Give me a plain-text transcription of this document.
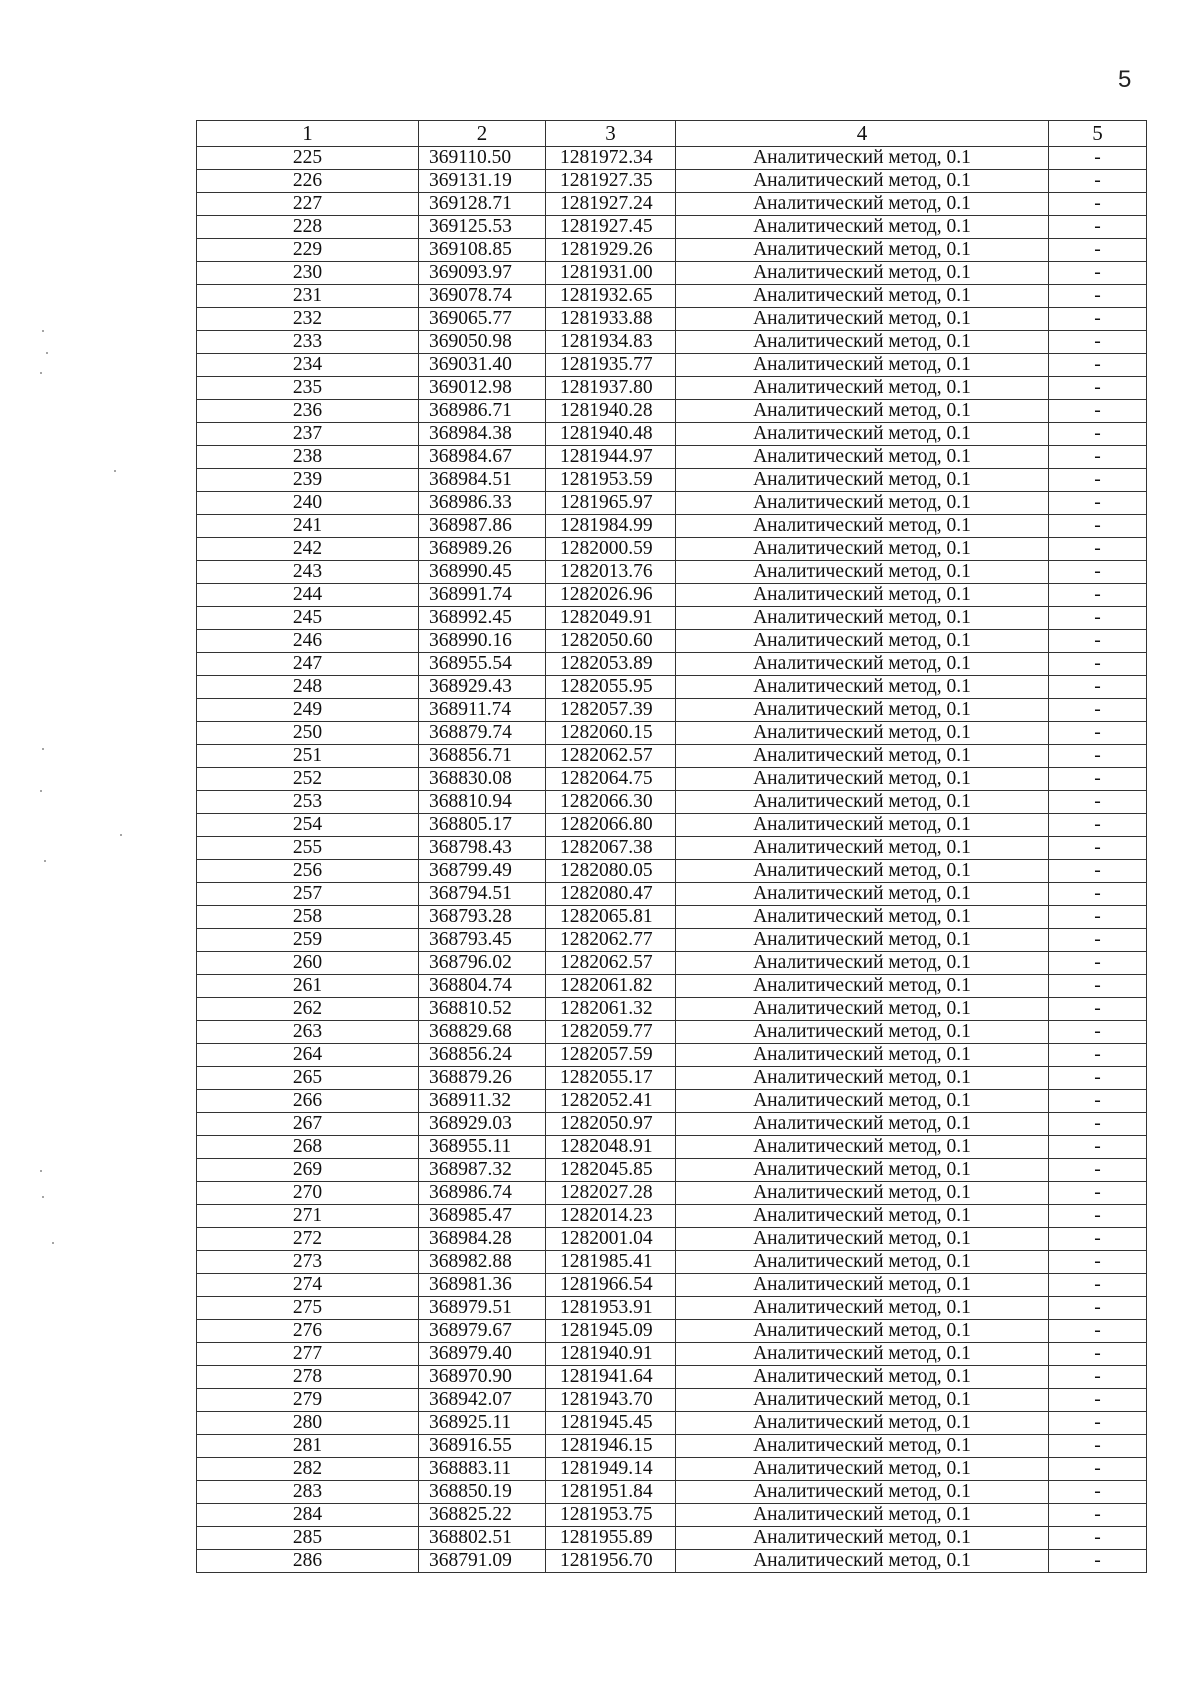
5
1	2	3	4	5
225	369110.50	1281972.34	Аналитический метод, 0.1	-
226	369131.19	1281927.35	Аналитический метод, 0.1	-
227	369128.71	1281927.24	Аналитический метод, 0.1	-
228	369125.53	1281927.45	Аналитический метод, 0.1	-
229	369108.85	1281929.26	Аналитический метод, 0.1	-
230	369093.97	1281931.00	Аналитический метод, 0.1	-
231	369078.74	1281932.65	Аналитический метод, 0.1	-
232	369065.77	1281933.88	Аналитический метод, 0.1	-
233	369050.98	1281934.83	Аналитический метод, 0.1	-
234	369031.40	1281935.77	Аналитический метод, 0.1	-
235	369012.98	1281937.80	Аналитический метод, 0.1	-
236	368986.71	1281940.28	Аналитический метод, 0.1	-
237	368984.38	1281940.48	Аналитический метод, 0.1	-
238	368984.67	1281944.97	Аналитический метод, 0.1	-
239	368984.51	1281953.59	Аналитический метод, 0.1	-
240	368986.33	1281965.97	Аналитический метод, 0.1	-
241	368987.86	1281984.99	Аналитический метод, 0.1	-
242	368989.26	1282000.59	Аналитический метод, 0.1	-
243	368990.45	1282013.76	Аналитический метод, 0.1	-
244	368991.74	1282026.96	Аналитический метод, 0.1	-
245	368992.45	1282049.91	Аналитический метод, 0.1	-
246	368990.16	1282050.60	Аналитический метод, 0.1	-
247	368955.54	1282053.89	Аналитический метод, 0.1	-
248	368929.43	1282055.95	Аналитический метод, 0.1	-
249	368911.74	1282057.39	Аналитический метод, 0.1	-
250	368879.74	1282060.15	Аналитический метод, 0.1	-
251	368856.71	1282062.57	Аналитический метод, 0.1	-
252	368830.08	1282064.75	Аналитический метод, 0.1	-
253	368810.94	1282066.30	Аналитический метод, 0.1	-
254	368805.17	1282066.80	Аналитический метод, 0.1	-
255	368798.43	1282067.38	Аналитический метод, 0.1	-
256	368799.49	1282080.05	Аналитический метод, 0.1	-
257	368794.51	1282080.47	Аналитический метод, 0.1	-
258	368793.28	1282065.81	Аналитический метод, 0.1	-
259	368793.45	1282062.77	Аналитический метод, 0.1	-
260	368796.02	1282062.57	Аналитический метод, 0.1	-
261	368804.74	1282061.82	Аналитический метод, 0.1	-
262	368810.52	1282061.32	Аналитический метод, 0.1	-
263	368829.68	1282059.77	Аналитический метод, 0.1	-
264	368856.24	1282057.59	Аналитический метод, 0.1	-
265	368879.26	1282055.17	Аналитический метод, 0.1	-
266	368911.32	1282052.41	Аналитический метод, 0.1	-
267	368929.03	1282050.97	Аналитический метод, 0.1	-
268	368955.11	1282048.91	Аналитический метод, 0.1	-
269	368987.32	1282045.85	Аналитический метод, 0.1	-
270	368986.74	1282027.28	Аналитический метод, 0.1	-
271	368985.47	1282014.23	Аналитический метод, 0.1	-
272	368984.28	1282001.04	Аналитический метод, 0.1	-
273	368982.88	1281985.41	Аналитический метод, 0.1	-
274	368981.36	1281966.54	Аналитический метод, 0.1	-
275	368979.51	1281953.91	Аналитический метод, 0.1	-
276	368979.67	1281945.09	Аналитический метод, 0.1	-
277	368979.40	1281940.91	Аналитический метод, 0.1	-
278	368970.90	1281941.64	Аналитический метод, 0.1	-
279	368942.07	1281943.70	Аналитический метод, 0.1	-
280	368925.11	1281945.45	Аналитический метод, 0.1	-
281	368916.55	1281946.15	Аналитический метод, 0.1	-
282	368883.11	1281949.14	Аналитический метод, 0.1	-
283	368850.19	1281951.84	Аналитический метод, 0.1	-
284	368825.22	1281953.75	Аналитический метод, 0.1	-
285	368802.51	1281955.89	Аналитический метод, 0.1	-
286	368791.09	1281956.70	Аналитический метод, 0.1	-
